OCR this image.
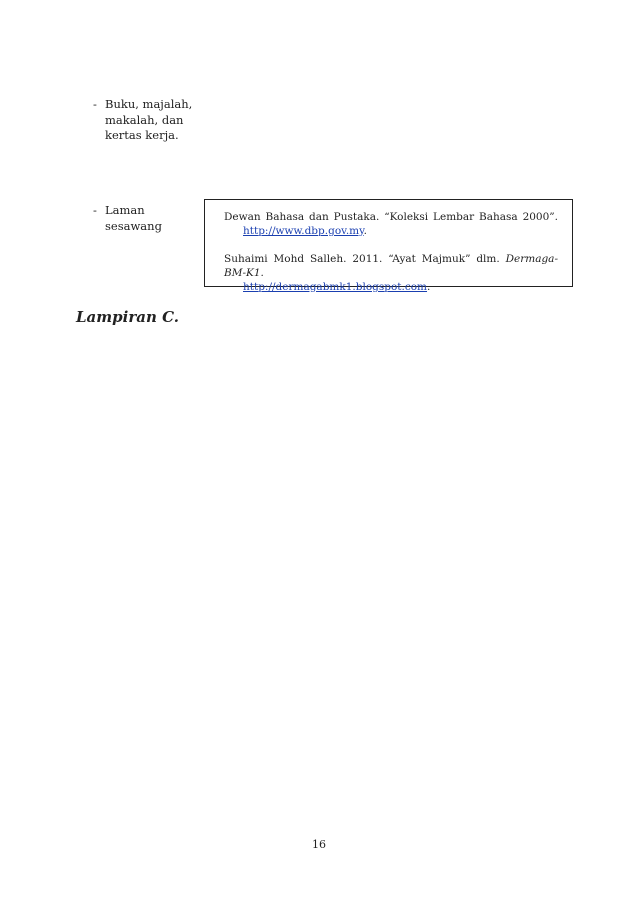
- Buku, majalah, makalah, dan kertas kerja.
- Laman sesawang
Dewan Bahasa dan Pustaka. “Koleksi Lembar Bahasa 2000”.
http://www.dbp.gov.my.
Suhaimi Mohd Salleh. 2011. “Ayat Majmuk” dlm. Dermaga-BM-K1.
http://dermagabmk1.blogspot.com.
Lampiran C.
16
